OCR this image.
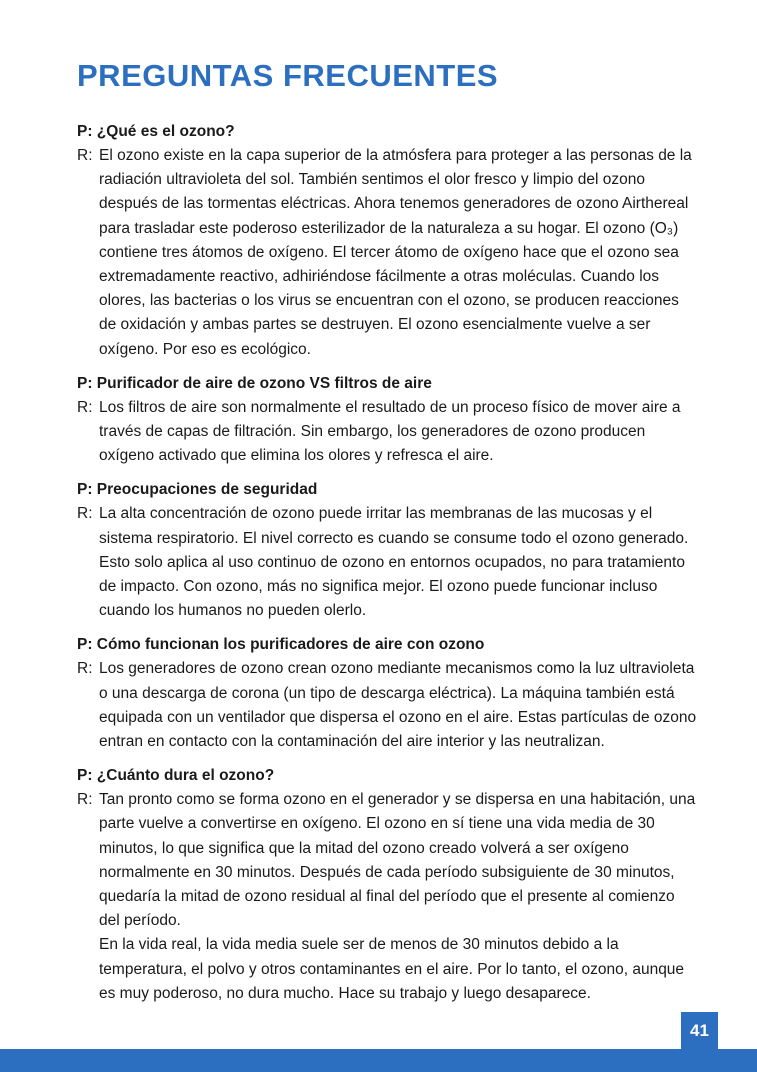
PREGUNTAS FRECUENTES

P: ¿Qué es el ozono?

R: El ozono existe en la capa superior de la atmósfera para proteger a las personas de la radiación ultravioleta del sol. También sentimos el olor fresco y limpio del ozono después de las tormentas eléctricas. Ahora tenemos generadores de ozono Airthereal para trasladar este poderoso esterilizador de la naturaleza a su hogar. El ozono (O₃) contiene tres átomos de oxígeno. El tercer átomo de oxígeno hace que el ozono sea extremadamente reactivo, adhiriéndose fácilmente a otras moléculas. Cuando los olores, las bacterias o los virus se encuentran con el ozono, se producen reacciones de oxidación y ambas partes se destruyen. El ozono esencialmente vuelve a ser oxígeno. Por eso es ecológico.

P: Purificador de aire de ozono VS filtros de aire

R: Los filtros de aire son normalmente el resultado de un proceso físico de mover aire a través de capas de filtración. Sin embargo, los generadores de ozono producen oxígeno activado que elimina los olores y refresca el aire.

P: Preocupaciones de seguridad

R: La alta concentración de ozono puede irritar las membranas de las mucosas y el sistema respiratorio. El nivel correcto es cuando se consume todo el ozono generado. Esto solo aplica al uso continuo de ozono en entornos ocupados, no para tratamiento de impacto. Con ozono, más no significa mejor. El ozono puede funcionar incluso cuando los humanos no pueden olerlo.

P: Cómo funcionan los purificadores de aire con ozono

R: Los generadores de ozono crean ozono mediante mecanismos como la luz ultravioleta o una descarga de corona (un tipo de descarga eléctrica). La máquina también está equipada con un ventilador que dispersa el ozono en el aire. Estas partículas de ozono entran en contacto con la contaminación del aire interior y las neutralizan.

P: ¿Cuánto dura el ozono?

R: Tan pronto como se forma ozono en el generador y se dispersa en una habitación, una parte vuelve a convertirse en oxígeno. El ozono en sí tiene una vida media de 30 minutos, lo que significa que la mitad del ozono creado volverá a ser oxígeno normalmente en 30 minutos. Después de cada período subsiguiente de 30 minutos, quedaría la mitad de ozono residual al final del período que el presente al comienzo del período.

En la vida real, la vida media suele ser de menos de 30 minutos debido a la temperatura, el polvo y otros contaminantes en el aire. Por lo tanto, el ozono, aunque es muy poderoso, no dura mucho. Hace su trabajo y luego desaparece.

41
